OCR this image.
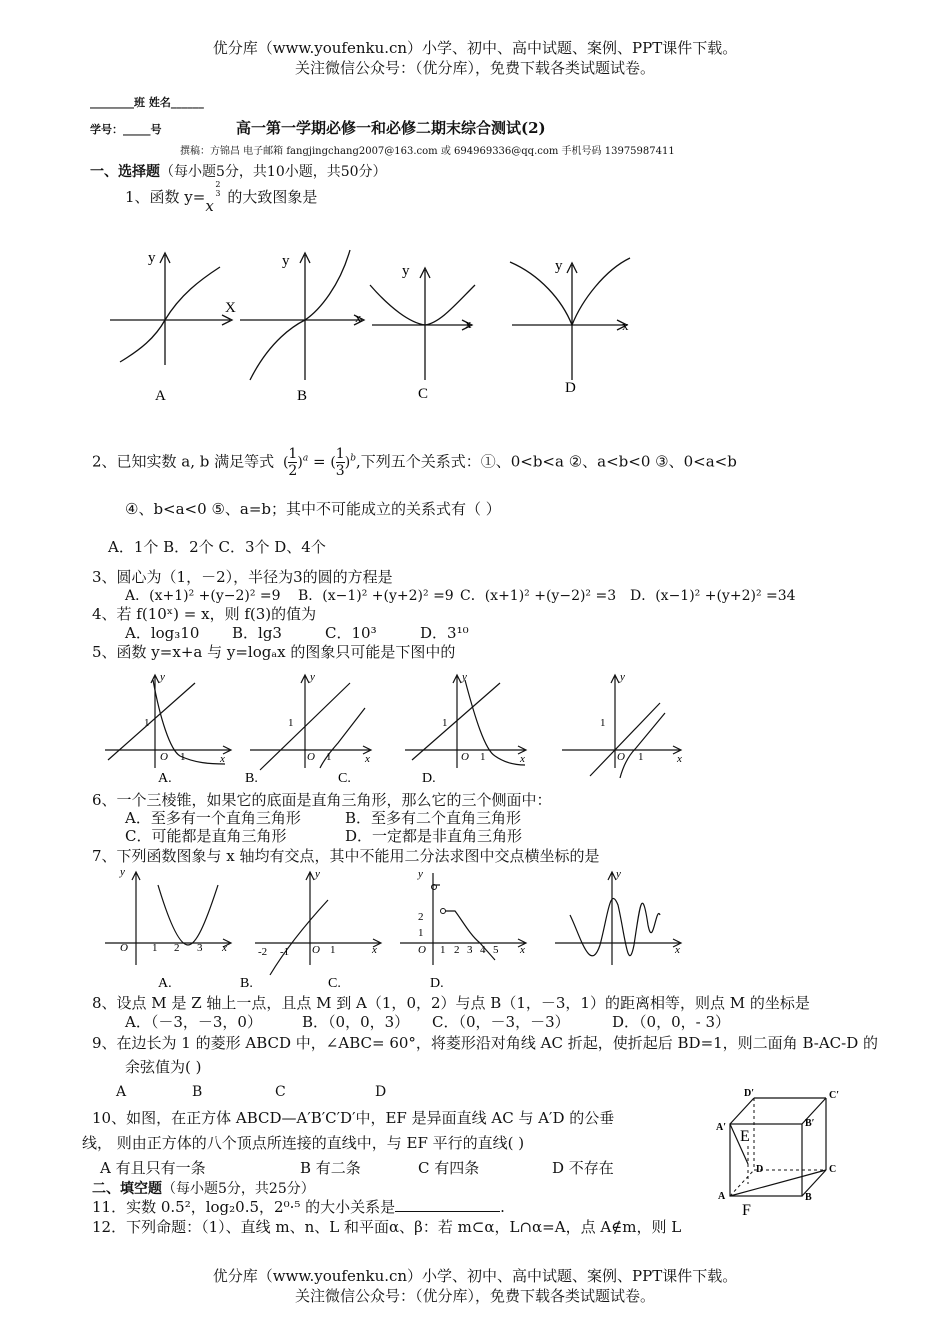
优分库（www.youfenku.cn）小学、初中、高中试题、案例、PPT课件下载。
关注微信公众号：（优分库），免费下载各类试题试卷。
________班 姓名______
学号：_____号	高一第一学期必修一和必修二期末综合测试(2)
撰稿：方锦昌 电子邮箱 fangjingchang2007@163.com 或 694969336@qq.com 手机号码 13975987411
一、选择题（每小题5分，共10小题，共50分）
1、函数 y=x
2
3 的大致图象是
y
X
y
x
y
x
y
x
A	B	C	D
2、已知实数 a, b 满足等式 $(\frac{1}{2})^a = (\frac{1}{3})^b$,下列五个关系式：①、0<b<a ②、a<b<0 ③、0<a<b
④、b<a<0 ⑤、a=b；其中不可能成立的关系式有（ ）
A．1个 B．2个 C．3个 D、4个
3、圆心为（1，－2），半径为3的圆的方程是
A．(x+1)² +(y−2)² =9 B．(x−1)² +(y+2)² =9 C．(x+1)² +(y−2)² =3 D．(x−1)² +(y+2)² =34
4、若 f(10ˣ) = x，则 f(3)的值为
A．log₃10 B．lg3	C．10³	D．3¹⁰
5、函数 y=x+a 与 y=logₐx 的图象只可能是下图中的
y
1
O 1	x
y
1
O 1	x
y
1
O 1	x
y
1
O 1	x
A.	B.	C.	D.
6、一个三棱锥，如果它的底面是直角三角形，那么它的三个侧面中：
A．至多有一个直角三角形	B．至多有二个直角三角形
C．可能都是直角三角形	D．一定都是非直角三角形
7、下列函数图象与 x 轴均有交点，其中不能用二分法求图中交点横坐标的是
y
O 1 2 3 x
y
-2 -1 O 1	x
y
2
1
O 1 2 3 4 5 x
y
x
A.	B.	C.	D.
8、设点 M 是 Z 轴上一点，且点 M 到 A（1，0，2）与点 B（1，－3，1）的距离相等，则点 M 的坐标是
A．（－3，－3，0）	B．（0，0，3） C．（0，－3，－3）	D．（0，0，- 3）
9、在边长为 1 的菱形 ABCD 中，∠ABC= 60°，将菱形沿对角线 AC 折起，使折起后 BD=1，则二面角 B-AC-D 的
余弦值为( )
A	B	C	D
10、如图，在正方体 ABCD—A′B′C′D′中，EF 是异面直线 AC 与 A′D 的公垂
线， 则由正方体的八个顶点所连接的直线中，与 EF 平行的直线( )
A 有且只有一条	B 有二条	C 有四条	D 不存在
D′	C′
A′	B′
D	C
A	B
E
F
二、填空题（每小题5分，共25分）
11．实数 0.5²，log₂0.5，2⁰·⁵ 的大小关系是	.
12．下列命题：（1）、直线 m、n、L 和平面α、β：若 m⊂α，L∩α=A，点 A∉m，则 L
优分库（www.youfenku.cn）小学、初中、高中试题、案例、PPT课件下载。
关注微信公众号：（优分库），免费下载各类试题试卷。
